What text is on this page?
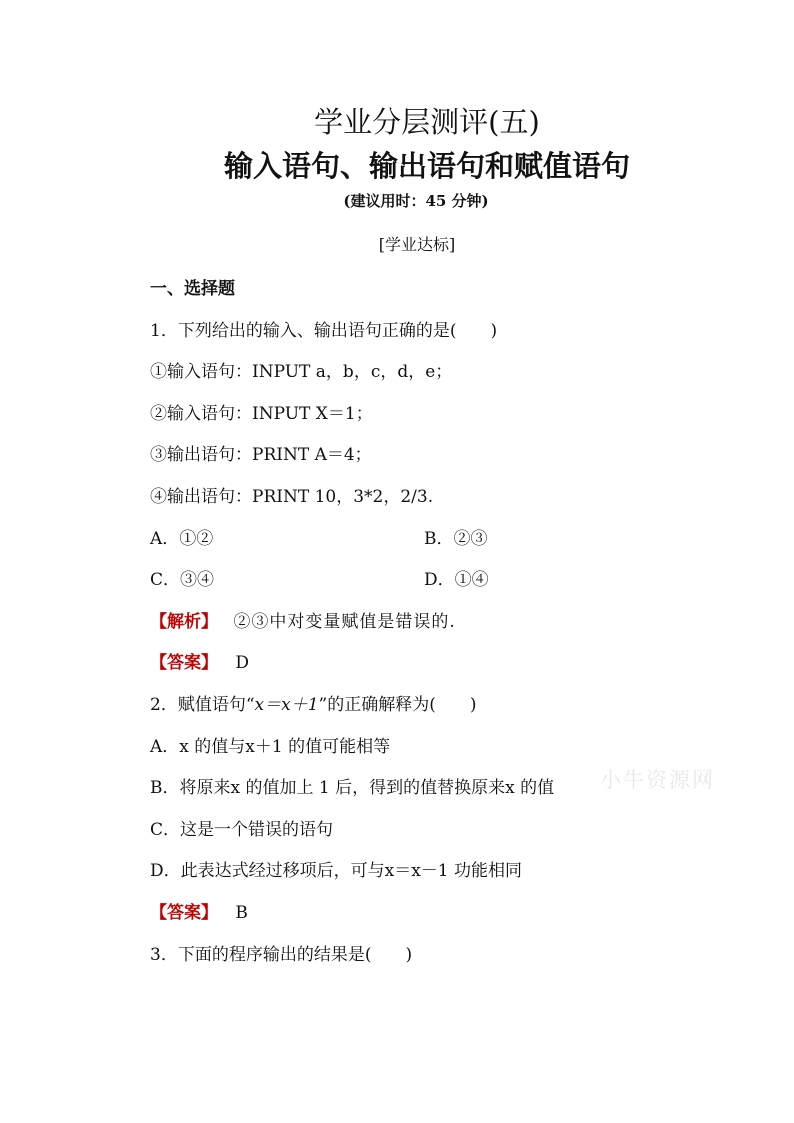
学业分层测评(五)
输入语句、输出语句和赋值语句
(建议用时：45 分钟)
[学业达标]
一、选择题
1．下列给出的输入、输出语句正确的是(　　)
①输入语句：INPUT a，b，c，d，e；
②输入语句：INPUT X＝1；
③输出语句：PRINT A＝4；
④输出语句：PRINT 10，3*2，2/3.
A．①②	B．②③
C．③④	D．①④
【解析】 ②③中对变量赋值是错误的.
【答案】 D
2．赋值语句“x＝x＋1”的正确解释为(　　)
A．x 的值与x＋1 的值可能相等
B．将原来x 的值加上 1 后，得到的值替换原来x 的值
C．这是一个错误的语句
D．此表达式经过移项后，可与x＝x－1 功能相同
【答案】 B
3．下面的程序输出的结果是(　　)
小牛资源网
